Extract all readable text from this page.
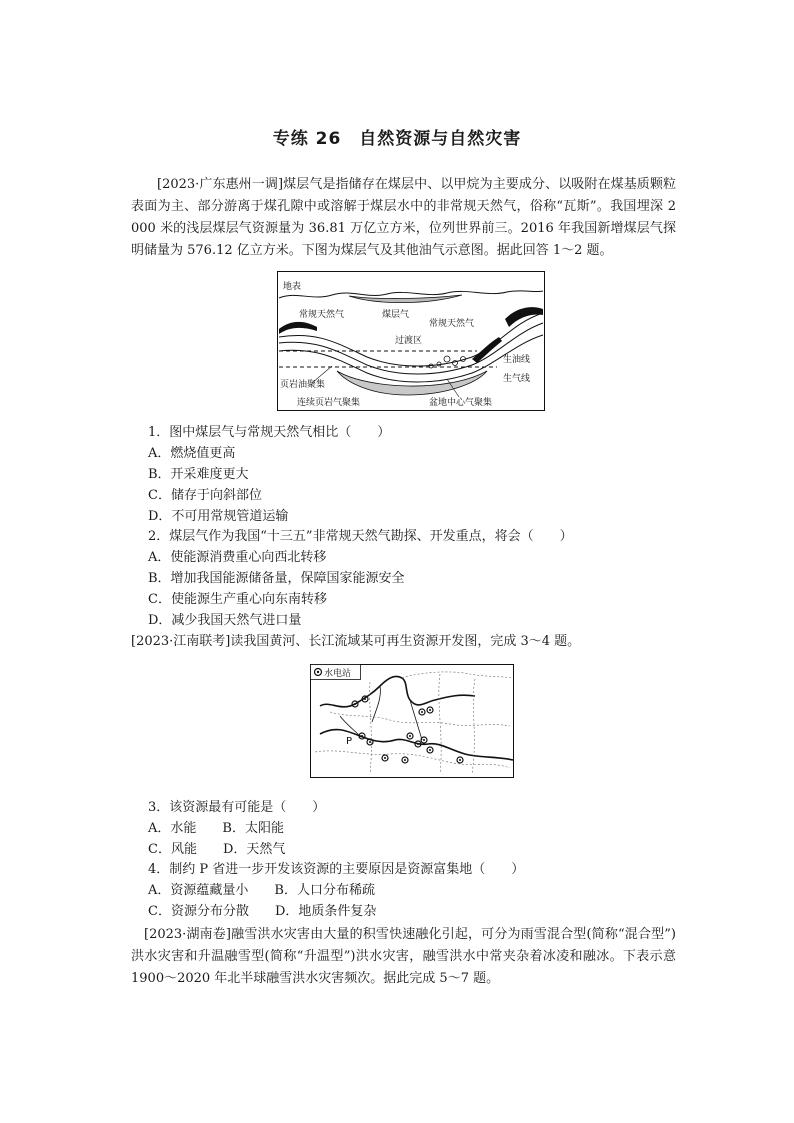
专练 26　自然资源与自然灾害
[2023·广东惠州一调]煤层气是指储存在煤层中、以甲烷为主要成分、以吸附在煤基质颗粒表面为主、部分游离于煤孔隙中或溶解于煤层水中的非常规天然气，俗称“瓦斯”。我国埋深 2 000 米的浅层煤层气资源量为 36.81 万亿立方米，位列世界前三。2016 年我国新增煤层气探明储量为 576.12 亿立方米。下图为煤层气及其他油气示意图。据此回答 1～2 题。
地表
常规天然气	煤层气
常规天然气
过渡区
生油线
生气线
页岩油聚集
连续页岩气聚集	盆地中心气聚集
1．图中煤层气与常规天然气相比（　　）
A．燃烧值更高
B．开采难度更大
C．储存于向斜部位
D．不可用常规管道运输
2．煤层气作为我国“十三五”非常规天然气勘探、开发重点，将会（　　）
A．使能源消费重心向西北转移
B．增加我国能源储备量，保障国家能源安全
C．使能源生产重心向东南转移
D．减少我国天然气进口量
[2023·江南联考]读我国黄河、长江流域某可再生资源开发图，完成 3～4 题。
水电站
P
3．该资源最有可能是（　　）
A．水能　　B．太阳能
C．风能　　D．天然气
4．制约 P 省进一步开发该资源的主要原因是资源富集地（　　）
A．资源蕴藏量小　　B．人口分布稀疏
C．资源分布分散　　D．地质条件复杂
[2023·湖南卷]融雪洪水灾害由大量的积雪快速融化引起，可分为雨雪混合型(简称“混合型”)洪水灾害和升温融雪型(简称“升温型”)洪水灾害，融雪洪水中常夹杂着冰凌和融冰。下表示意 1900～2020 年北半球融雪洪水灾害频次。据此完成 5～7 题。
